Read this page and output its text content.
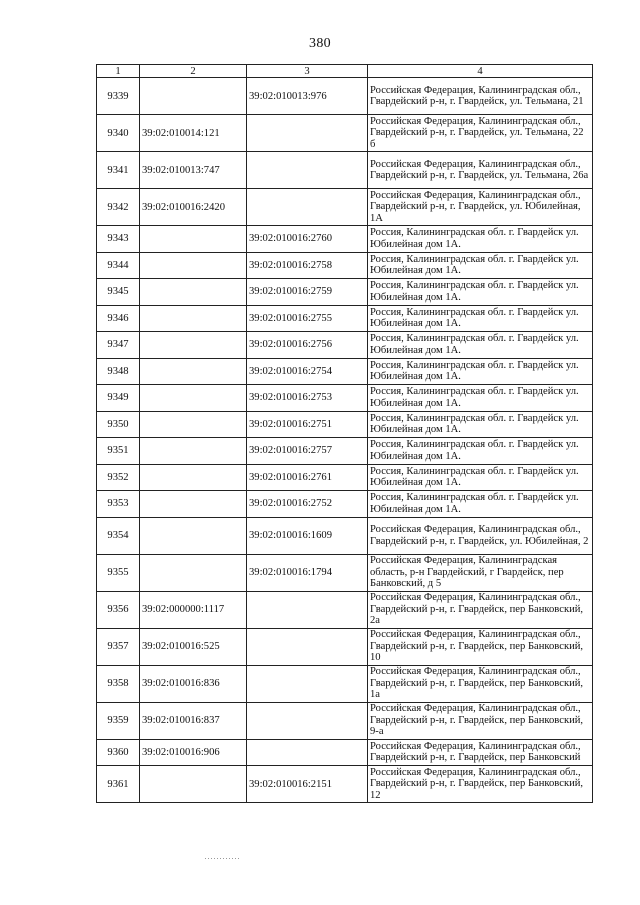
380
1	2	3	4
9339		39:02:010013:976	Российская Федерация, Калининградская обл., Гвардейский р-н, г. Гвардейск, ул. Тельмана, 21
9340	39:02:010014:121		Российская Федерация, Калининградская обл., Гвардейский р-н, г. Гвардейск, ул. Тельмана, 22 б
9341	39:02:010013:747		Российская Федерация, Калининградская обл., Гвардейский р-н, г. Гвардейск, ул. Тельмана, 26а
9342	39:02:010016:2420		Российская Федерация, Калининградская обл., Гвардейский р-н, г. Гвардейск, ул. Юбилейная, 1А
9343		39:02:010016:2760	Россия, Калининградская обл. г. Гвардейск ул. Юбилейная дом 1А.
9344		39:02:010016:2758	Россия, Калининградская обл. г. Гвардейск ул. Юбилейная дом 1А.
9345		39:02:010016:2759	Россия, Калининградская обл. г. Гвардейск ул. Юбилейная дом 1А.
9346		39:02:010016:2755	Россия, Калининградская обл. г. Гвардейск ул. Юбилейная дом 1А.
9347		39:02:010016:2756	Россия, Калининградская обл. г. Гвардейск ул. Юбилейная дом 1А.
9348		39:02:010016:2754	Россия, Калининградская обл. г. Гвардейск ул. Юбилейная дом 1А.
9349		39:02:010016:2753	Россия, Калининградская обл. г. Гвардейск ул. Юбилейная дом 1А.
9350		39:02:010016:2751	Россия, Калининградская обл. г. Гвардейск ул. Юбилейная дом 1А.
9351		39:02:010016:2757	Россия, Калининградская обл. г. Гвардейск ул. Юбилейная дом 1А.
9352		39:02:010016:2761	Россия, Калининградская обл. г. Гвардейск ул. Юбилейная дом 1А.
9353		39:02:010016:2752	Россия, Калининградская обл. г. Гвардейск ул. Юбилейная дом 1А.
9354		39:02:010016:1609	Российская Федерация, Калининградская обл., Гвардейский р-н, г. Гвардейск, ул. Юбилейная, 2
9355		39:02:010016:1794	Российская Федерация, Калининградская область, р-н Гвардейский, г Гвардейск, пер Банковский, д 5
9356	39:02:000000:1117		Российская Федерация, Калининградская обл., Гвардейский р-н, г. Гвардейск, пер Банковский, 2а
9357	39:02:010016:525		Российская Федерация, Калининградская обл., Гвардейский р-н, г. Гвардейск, пер Банковский, 10
9358	39:02:010016:836		Российская Федерация, Калининградская обл., Гвардейский р-н, г. Гвардейск, пер Банковский, 1а
9359	39:02:010016:837		Российская Федерация, Калининградская обл., Гвардейский р-н, г. Гвардейск, пер Банковский, 9-а
9360	39:02:010016:906		Российская Федерация, Калининградская обл., Гвардейский р-н, г. Гвардейск, пер Банковский
9361		39:02:010016:2151	Российская Федерация, Калининградская обл., Гвардейский р-н, г. Гвардейск, пер Банковский, 12
